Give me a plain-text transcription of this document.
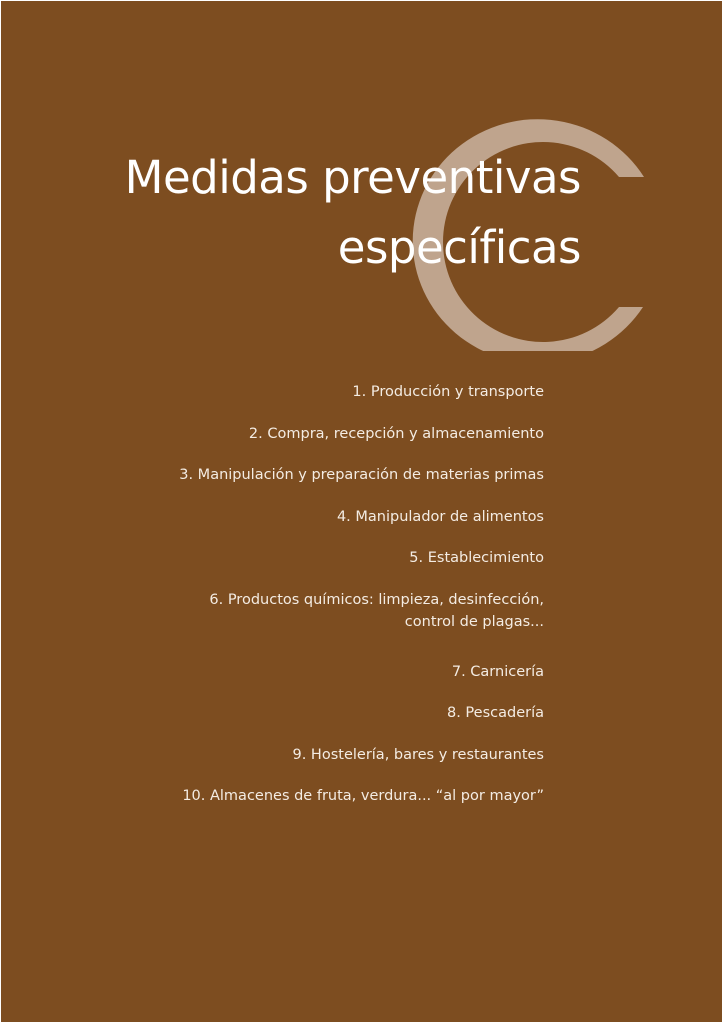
Medidas preventivas
específicas
1. Producción y transporte
2. Compra, recepción y almacenamiento
3. Manipulación y preparación de materias primas
4. Manipulador de alimentos
5. Establecimiento
6. Productos químicos: limpieza, desinfección,
control de plagas...
7. Carnicería
8. Pescadería
9. Hostelería, bares y restaurantes
10. Almacenes de fruta, verdura... “al por mayor”
